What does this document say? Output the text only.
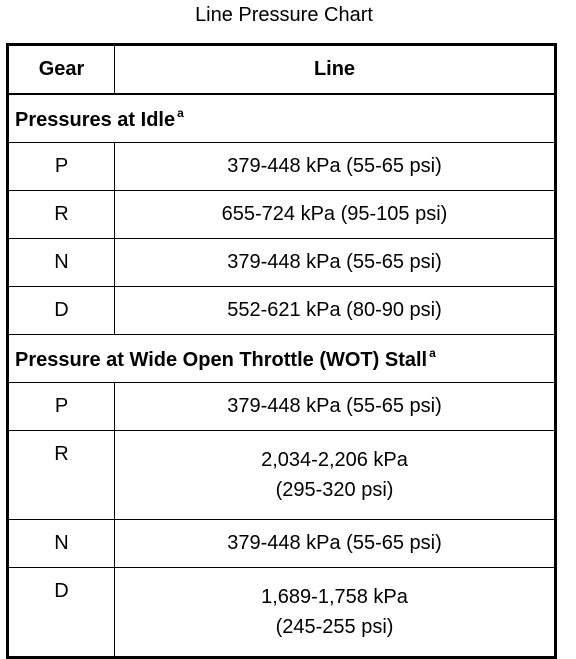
Line Pressure Chart
Gear	Line
Pressures at Idle $^a$
P	379-448 kPa (55-65 psi)
R	655-724 kPa (95-105 psi)
N	379-448 kPa (55-65 psi)
D	552-621 kPa (80-90 psi)
Pressure at Wide Open Throttle (WOT) Stall $^a$
P	379-448 kPa (55-65 psi)
R	2,034-2,206 kPa
(295-320 psi)

N	379-448 kPa (55-65 psi)
D	1,689-1,758 kPa
(245-255 psi)
